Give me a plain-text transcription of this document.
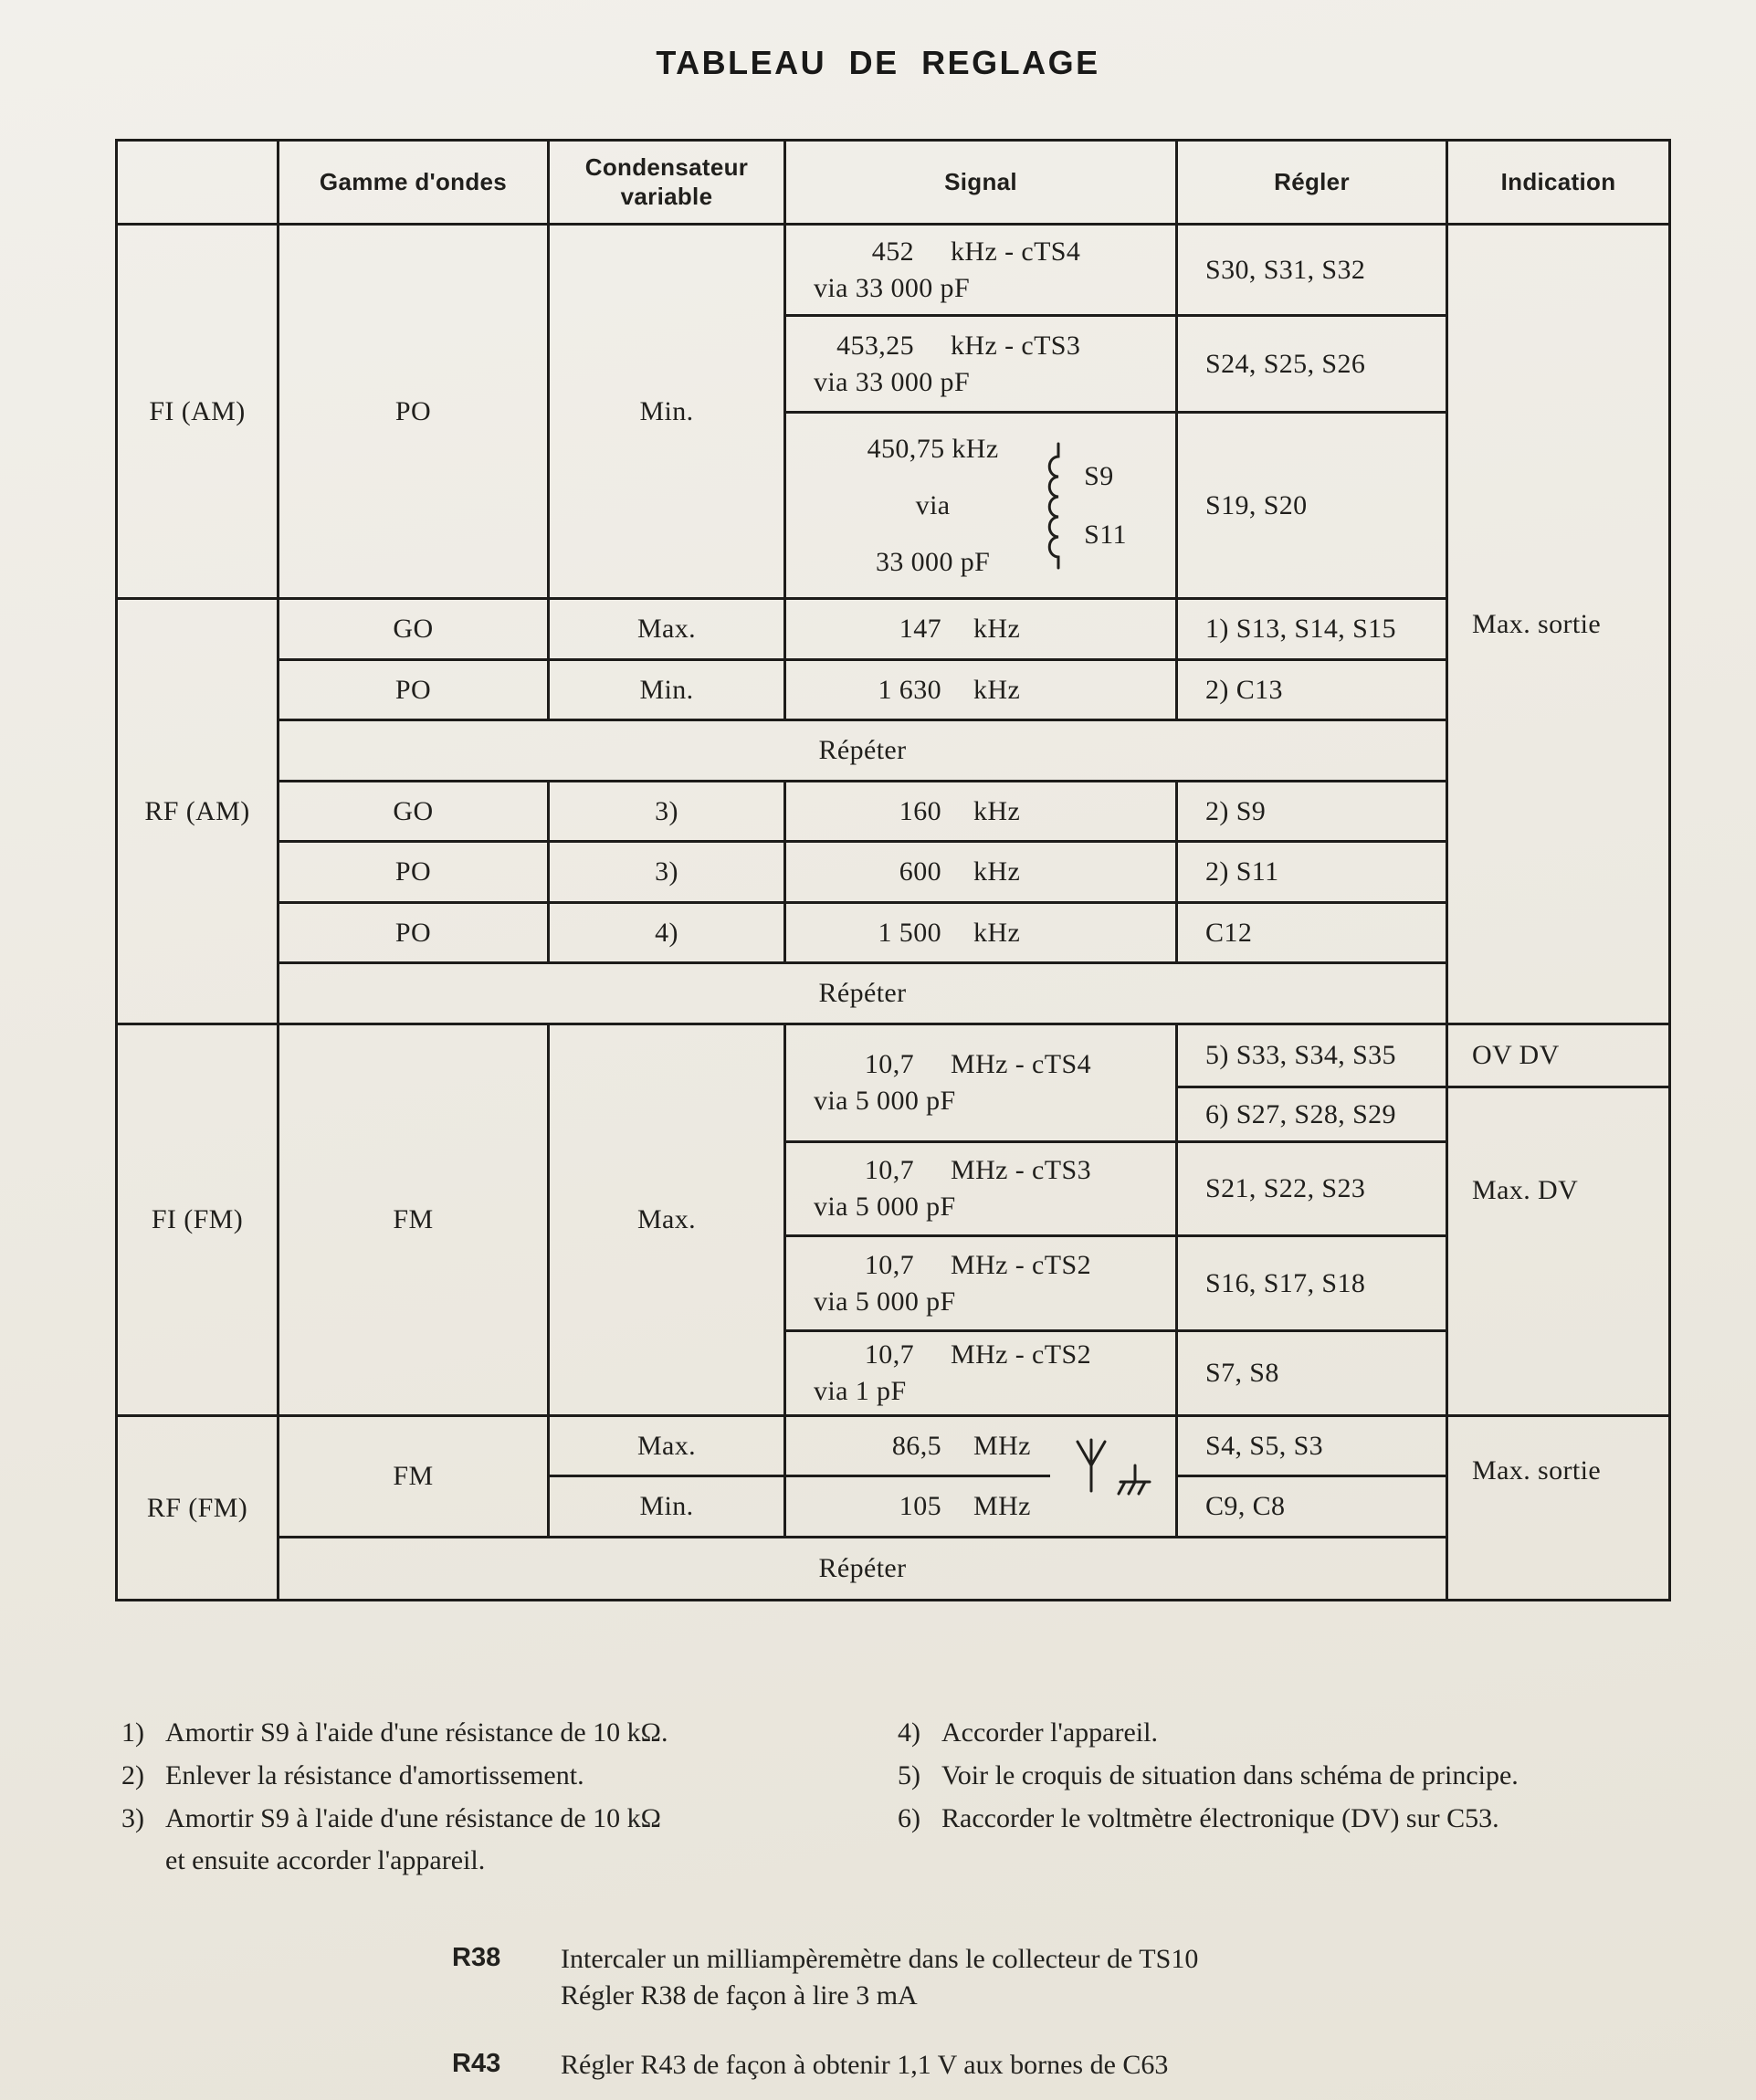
TABLEAU DE REGLAGE
	Gamme d'ondes	Condensateur
variable	Signal		Régler	Indication
FI (AM)	PO	Min.	452 kHz - cTS4
via 33 000 pF		S30, S31, S32	Max. sortie

			453,25 kHz - cTS3
via 33 000 pF		S24, S25, S26	

			450,75 kHz
via
33 000 pF
S9
S11		S19, S20	
RF (AM)	GO	Max.	147 kHz		1) S13, S14, S15	
	PO	Min.	1 630 kHz		2) C13	
	Répéter					
	GO	3)	160 kHz		2) S9	
	PO	3)	600 kHz		2) S11	
	PO	4)	1 500 kHz		C12	
	Répéter					
FI (FM)	FM	Max.	10,7 MHz - cTS4
via 5 000 pF		5) S33, S34, S35	OV DV
					6) S27, S28, S29	Max. DV

			10,7 MHz - cTS3
via 5 000 pF		S21, S22, S23	

			10,7 MHz - cTS2
via 5 000 pF		S16, S17, S18	

			10,7 MHz - cTS2
via 1 pF		S7, S8	
RF (FM)	FM	Max.	86,5 MHz		S4, S5, S3	Max. sortie
		Min.	105 MHz		C9, C8	
	Répéter					
1) Amortir S9 à l'aide d'une résistance de 10 kΩ.
2) Enlever la résistance d'amortissement.
3) Amortir S9 à l'aide d'une résistance de 10 kΩ
et ensuite accorder l'appareil.
4) Accorder l'appareil.
5) Voir le croquis de situation dans schéma de principe.
6) Raccorder le voltmètre électronique (DV) sur C53.
R38	Intercaler un milliampèremètre dans le collecteur de TS10
Régler R38 de façon à lire 3 mA
R43	Régler R43 de façon à obtenir 1,1 V aux bornes de C63
